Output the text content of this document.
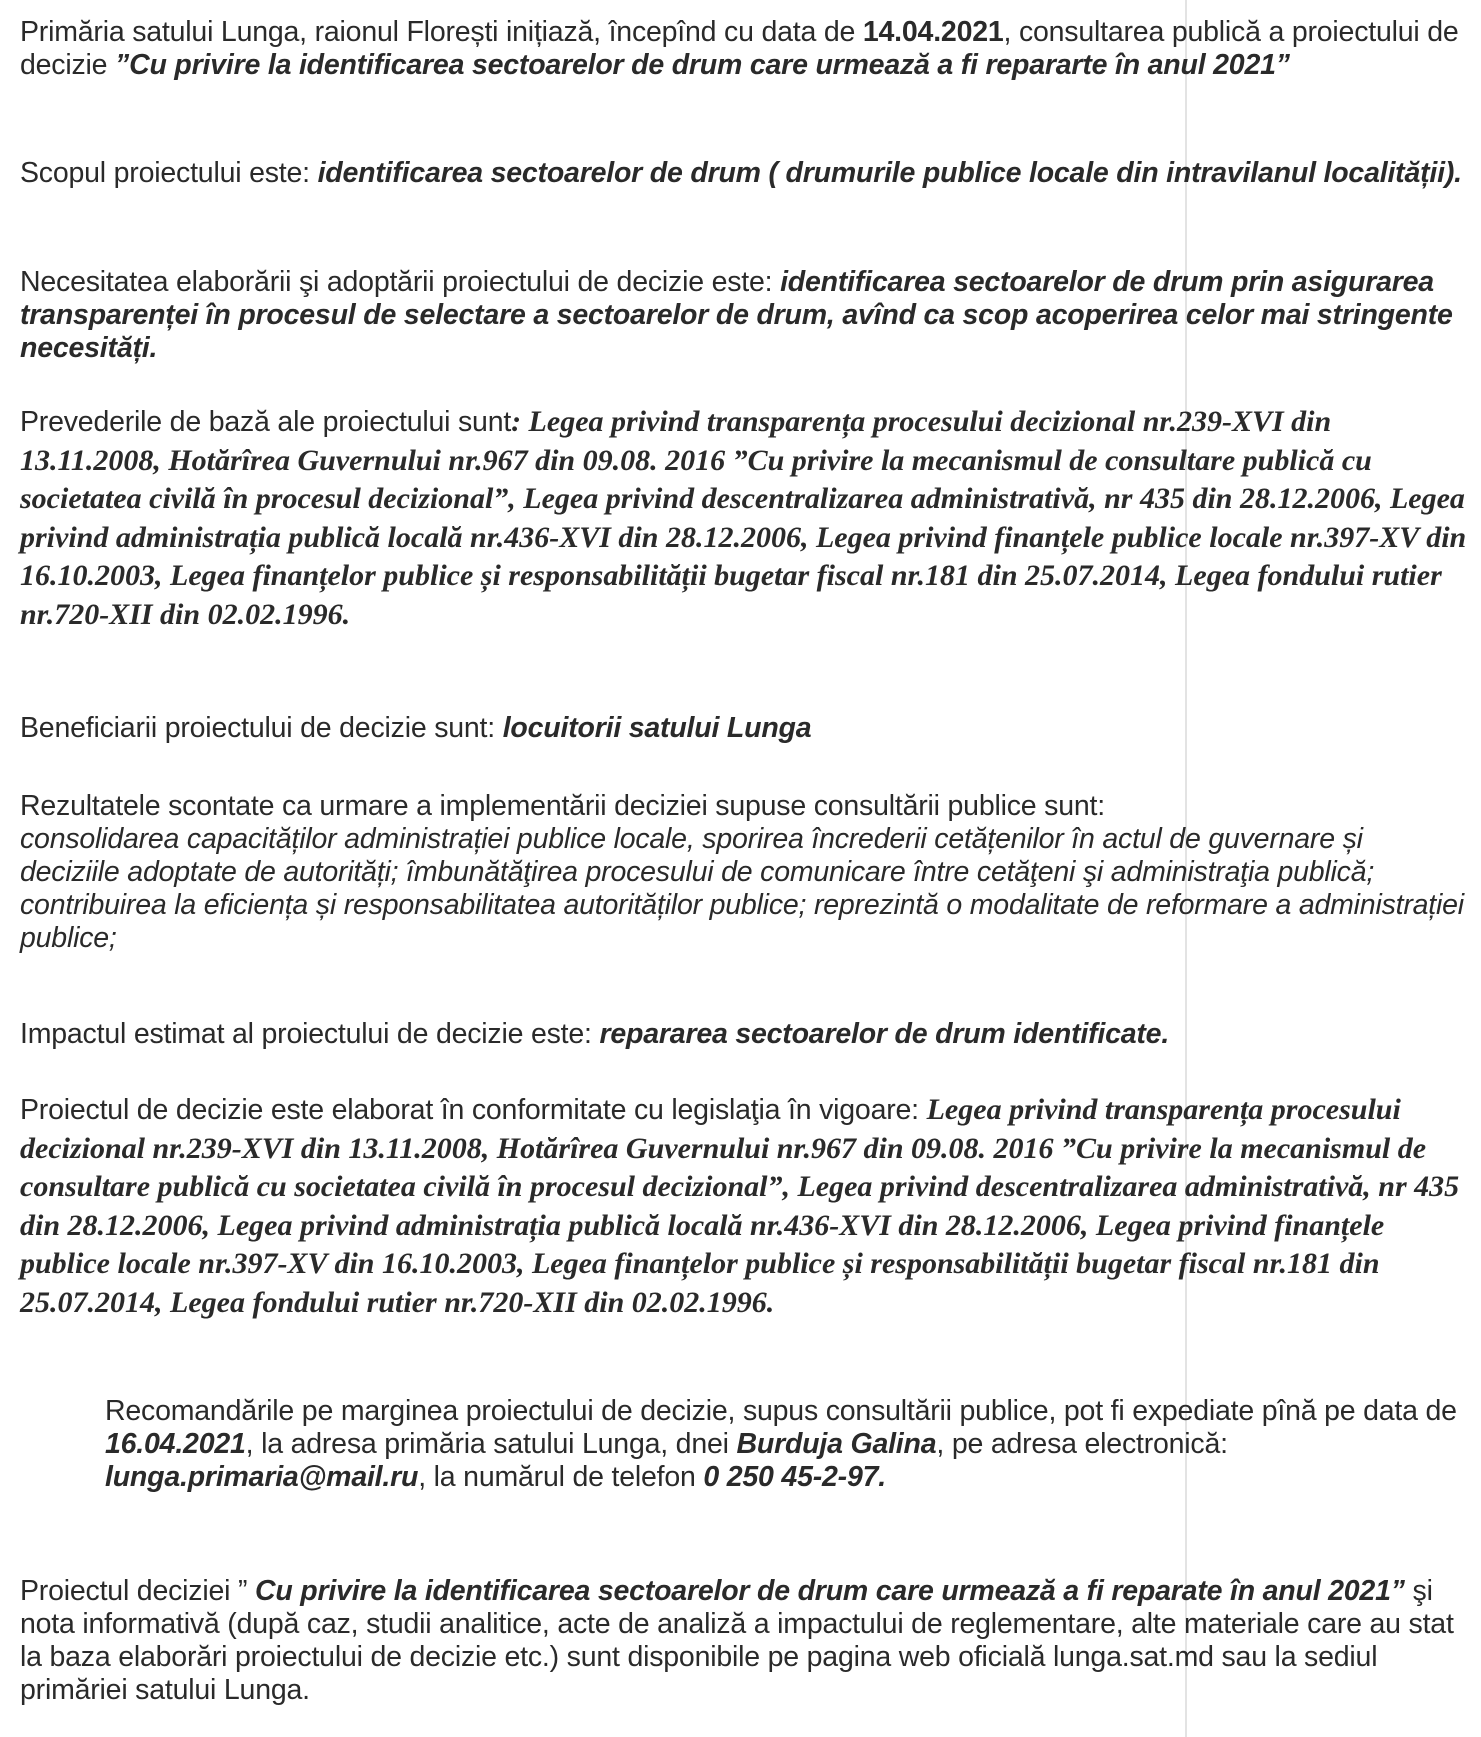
Primăria satului Lunga, raionul Florești inițiază, începînd cu data de 14.04.2021, consultarea publică a proiectului de decizie ”Cu privire la identificarea sectoarelor de drum care urmează a fi repararte în anul 2021”

Scopul proiectului este: identificarea sectoarelor de drum ( drumurile publice locale din intravilanul localității).

Necesitatea elaborării şi adoptării proiectului de decizie este: identificarea sectoarelor de drum prin asigurarea transparenței în procesul de selectare a sectoarelor de drum, avînd ca scop acoperirea celor mai stringente necesități.

Prevederile de bază ale proiectului sunt: Legea privind transparența procesului decizional nr.239-XVI din 13.11.2008, Hotărîrea Guvernului nr.967 din 09.08. 2016 ”Cu privire la mecanismul de consultare publică cu societatea civilă în procesul decizional”, Legea privind descentralizarea administrativă, nr 435 din 28.12.2006, Legea privind administrația publică locală nr.436-XVI din 28.12.2006, Legea privind finanțele publice locale nr.397-XV din 16.10.2003, Legea finanțelor publice și responsabilității bugetar fiscal nr.181 din 25.07.2014, Legea fondului rutier nr.720-XII din 02.02.1996.

Beneficiarii proiectului de decizie sunt: locuitorii satului Lunga

Rezultatele scontate ca urmare a implementării deciziei supuse consultării publice sunt:
consolidarea capacităților administrației publice locale, sporirea încrederii cetățenilor în actul de guvernare și deciziile adoptate de autorități; îmbunătăţirea procesului de comunicare între cetăţeni şi administraţia publică; contribuirea la eficiența și responsabilitatea autorităților publice; reprezintă o modalitate de reformare a administrației publice;

Impactul estimat al proiectului de decizie este: repararea sectoarelor de drum identificate.

Proiectul de decizie este elaborat în conformitate cu legislaţia în vigoare: Legea privind transparența procesului decizional nr.239-XVI din 13.11.2008, Hotărîrea Guvernului nr.967 din 09.08. 2016 ”Cu privire la mecanismul de consultare publică cu societatea civilă în procesul decizional”, Legea privind descentralizarea administrativă, nr 435 din 28.12.2006, Legea privind administrația publică locală nr.436-XVI din 28.12.2006, Legea privind finanțele publice locale nr.397-XV din 16.10.2003, Legea finanțelor publice și responsabilității bugetar fiscal nr.181 din 25.07.2014, Legea fondului rutier nr.720-XII din 02.02.1996.

Recomandările pe marginea proiectului de decizie, supus consultării publice, pot fi expediate pînă pe data de 16.04.2021, la adresa primăria satului Lunga, dnei Burduja Galina, pe adresa electronică: lunga.primaria@mail.ru, la numărul de telefon 0 250 45-2-97.

Proiectul deciziei ” Cu privire la identificarea sectoarelor de drum care urmează a fi reparate în anul 2021” şi nota informativă (după caz, studii analitice, acte de analiză a impactului de reglementare, alte materiale care au stat la baza elaborări proiectului de decizie etc.) sunt disponibile pe pagina web oficială lunga.sat.md sau la sediul primăriei satului Lunga.
